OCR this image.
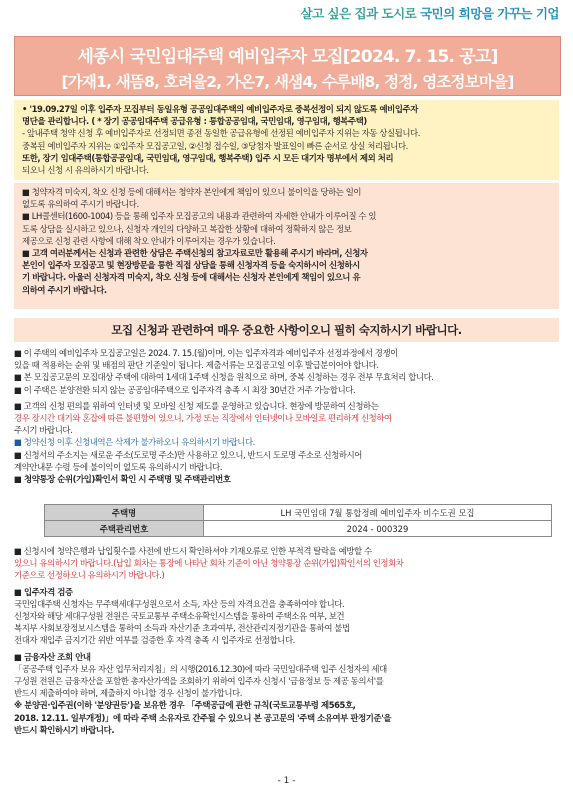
살고 싶은 집과 도시로 국민의 희망을 가꾸는 기업
세종시 국민임대주택 예비입주자 모집[2024. 7. 15. 공고]
[가재1, 새뜸8, 호려울2, 가온7, 새샘4, 수루배8, 정정, 영조정보마을]
• '19.09.27일 이후 입주자 모집부터 동일유형 공공임대주택의 예비입주자로 중복선정이 되지 않도록 예비입주자
명단을 관리합니다. ( * 장기 공공임대주택 공급유형 : 통합공공임대, 국민임대, 영구임대, 행복주택)
- 앞내주택 청약 신청 후 예비입주자로 선정되면 종전 동일한 공급유형에 선정된 예비입주자 지위는 자동 상실됩니다.
중복된 예비입주자 지위는 ①입주자 모집공고일, ②신청 접수일, ③당첨자 발표일이 빠른 순서로 상실 처리됩니다.
또한, 장기 임대주택(통합공공임대, 국민임대, 영구임대, 행복주택) 입주 시 모든 대기자 명부에서 제외 처리
되오니 신청 시 유의하시기 바랍니다.
■ 청약자격 미숙지, 착오 신청 등에 대해서는 청약자 본인에게 책임이 있으니 불이익을 당하는 일이
없도록 유의하여 주시기 바랍니다.
■ LH콜센터(1600-1004) 등을 통해 입주자 모집공고의 내용과 관련하여 자세한 안내가 이루어질 수 있
도록 상담을 실시하고 있으나, 신청자 개인의 다양하고 복잡한 상황에 대하여 정확하지 않은 정보
제공으로 신청 관련 사항에 대해 착오 안내가 이루어지는 경우가 있습니다.
■ 고객 여러분께서는 신청과 관련한 상담은 주택신청의 참고자료로만 활용해 주시기 바라며, 신청자
본인이 입주자 모집공고 및 현장방문을 통한 직접 상담을 통해 신청자격 등을 숙지하시어 신청하시
기 바랍니다. 아울러 신청자격 미숙지, 착오 신청 등에 대해서는 신청자 본인에게 책임이 있으니 유
의하여 주시기 바랍니다.
모집 신청과 관련하여 매우 중요한 사항이오니 필히 숙지하시기 바랍니다.
■ 이 주택의 예비입주자 모집공고일은 2024. 7. 15.(월)이며, 이는 입주자격과 예비입주자 선정과정에서 경쟁이
있을 때 적용하는 순위 및 배점의 판단 기준일이 됩니다. 제출서류는 모집공고일 이후 발급분이어야 합니다.
■ 본 모집공고문의 모집대상 주택에 대하여 1세대 1주택 신청을 원칙으로 하며, 중복 신청하는 경우 전부 무효처리 합니다.
■ 이 주택은 분양전환 되지 않는 공공임대주택으로 입주자격 충족 시 최장 30년간 거주 가능합니다.
■ 고객의 신청 편의를 위하여 인터넷 및 모바일 신청 제도를 운영하고 있습니다. 현장에 방문하여 신청하는
경우 장시간 대기와 혼잡에 따른 불편함이 있으니, 가정 또는 직장에서 인터넷이나 모바일로 편리하게 신청하여
주시기 바랍니다.
■ 청약신청 이후 신청내역은 삭제가 불가하오니 유의하시기 바랍니다.
■ 신청서의 주소지는 새로운 주소(도로명 주소)만 사용하고 있으니, 반드시 도로명 주소로 신청하시어
계약안내문 수령 등에 불이익이 없도록 유의하시기 바랍니다.
■ 청약통장 순위(가입)확인서 확인 시 주택명 및 주택관리번호
주택명	LH 국민임대 7월 통합정례 예비입주자 비수도권 모집
주택관리번호	2024 - 000329
■ 신청시에 청약은행과 납입횟수를 사전에 반드시 확인하셔야 기재오류로 인한 부적격 탈락을 예방할 수
있으니 유의하시기 바랍니다.(납입 회차는 통장에 나타난 회차 기준이 아닌 청약통장 순위(가입)확인서의 인정회차
기준으로 선정하오니 유의하시기 바랍니다.)
■ 입주자격 검증
국민임대주택 신청자는 무주택세대구성원으로서 소득, 자산 등의 자격요건을 충족하여야 합니다.
신청자와 해당 세대구성원 전원은 국토교통부 주택소유확인시스템을 통하여 주택소유 여부, 보건
복지부 사회보장정보시스템을 통하여 소득과 자산기준 초과여부, 전산관리지정기관을 통하여 불법
전대자 재입주 금지기간 위반 여부를 검증한 후 자격 충족 시 입주자로 선정합니다.
■ 금융자산 조회 안내
「공공주택 입주자 보유 자산 업무처리지침」의 시행(2016.12.30)에 따라 국민임대주택 입주 신청자의 세대
구성원 전원은 금융자산을 포함한 총자산가액을 조회하기 위하여 입주자 신청시 '금융정보 등 제공 동의서'를
반드시 제출하여야 하며, 제출하지 아니할 경우 신청이 불가합니다.
※ 분양권·입주권(이하 '분양권등')을 보유한 경우 「주택공급에 관한 규칙(국토교통부령 제565호,
2018. 12.11. 일부개정)」에 따라 주택 소유자로 간주될 수 있으니 본 공고문의 '주택 소유여부 판정기준'을
반드시 확인하시기 바랍니다.
- 1 -
